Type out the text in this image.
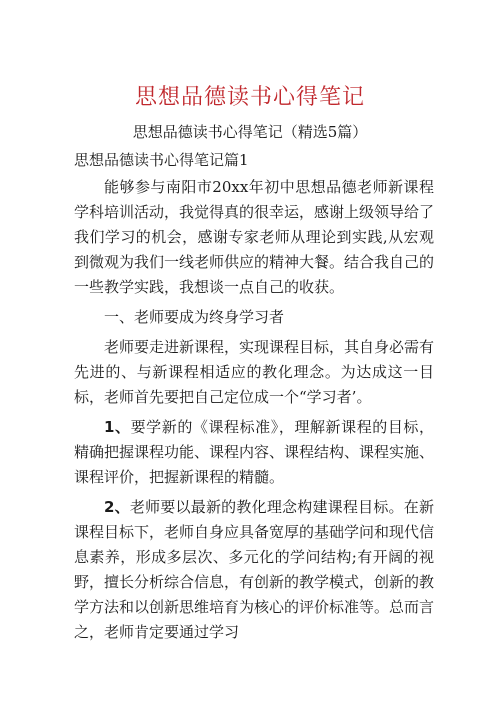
思想品德读书心得笔记
思想品德读书心得笔记（精选5篇）
思想品德读书心得笔记篇1

能够参与南阳市20xx年初中思想品德老师新课程学科培训活动，我觉得真的很幸运，感谢上级领导给了我们学习的机会，感谢专家老师从理论到实践,从宏观到微观为我们一线老师供应的精神大餐。结合我自己的一些教学实践，我想谈一点自己的收获。

一、老师要成为终身学习者

老师要走进新课程，实现课程目标，其自身必需有先进的、与新课程相适应的教化理念。为达成这一目标，老师首先要把自己定位成一个“学习者’。

1、要学新的《课程标准》，理解新课程的目标，精确把握课程功能、课程内容、课程结构、课程实施、课程评价，把握新课程的精髓。

2、老师要以最新的教化理念构建课程目标。在新课程目标下，老师自身应具备宽厚的基础学问和现代信息素养，形成多层次、多元化的学问结构;有开阔的视野，擅长分析综合信息，有创新的教学模式，创新的教学方法和以创新思维培育为核心的评价标准等。总而言之，老师肯定要通过学习
